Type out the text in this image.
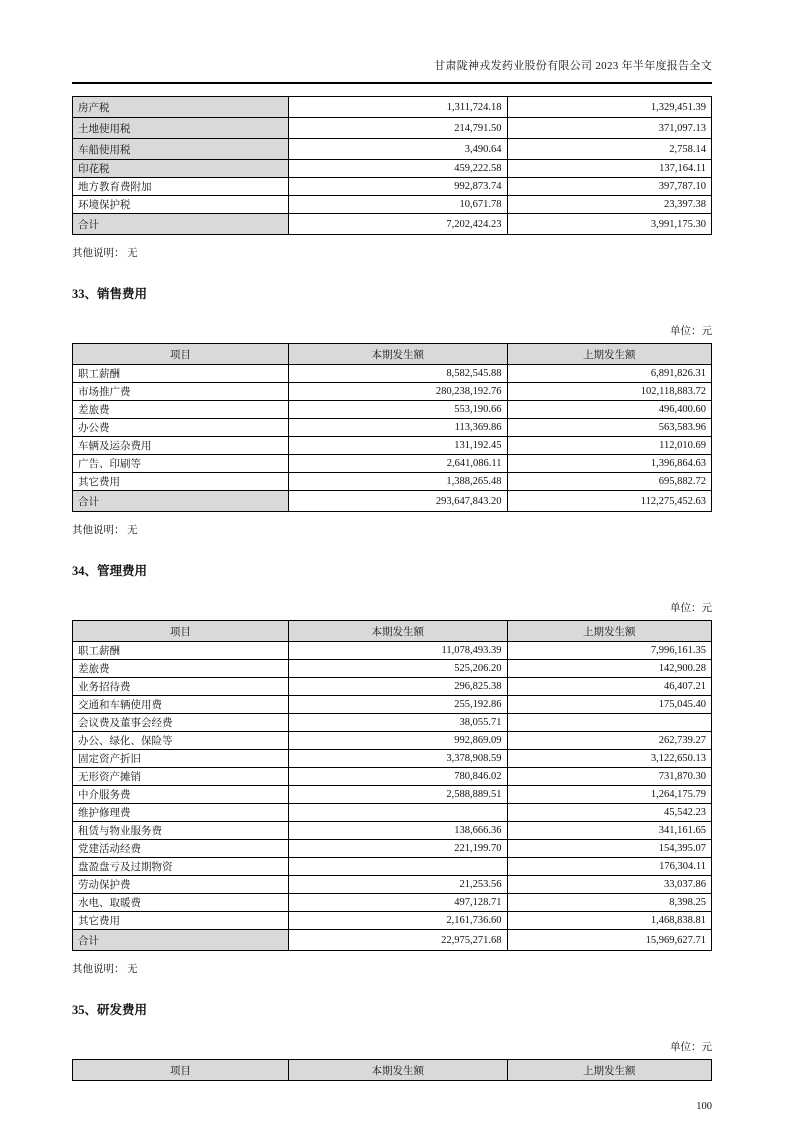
甘肃陇神戎发药业股份有限公司 2023 年半年度报告全文
房产税	1,311,724.18	1,329,451.39
土地使用税	214,791.50	371,097.13
车船使用税	3,490.64	2,758.14
印花税	459,222.58	137,164.11
地方教育费附加	992,873.74	397,787.10
环境保护税	10,671.78	23,397.38
合计	7,202,424.23	3,991,175.30
其他说明： 无
33、销售费用
单位：元
项目	本期发生额	上期发生额
职工薪酬	8,582,545.88	6,891,826.31
市场推广费	280,238,192.76	102,118,883.72
差旅费	553,190.66	496,400.60
办公费	113,369.86	563,583.96
车辆及运杂费用	131,192.45	112,010.69
广告、印刷等	2,641,086.11	1,396,864.63
其它费用	1,388,265.48	695,882.72
合计	293,647,843.20	112,275,452.63
其他说明： 无
34、管理费用
单位：元
项目	本期发生额	上期发生额
职工薪酬	11,078,493.39	7,996,161.35
差旅费	525,206.20	142,900.28
业务招待费	296,825.38	46,407.21
交通和车辆使用费	255,192.86	175,045.40
会议费及董事会经费	38,055.71	
办公、绿化、保险等	992,869.09	262,739.27
固定资产折旧	3,378,908.59	3,122,650.13
无形资产摊销	780,846.02	731,870.30
中介服务费	2,588,889.51	1,264,175.79
维护修理费		45,542.23
租赁与物业服务费	138,666.36	341,161.65
党建活动经费	221,199.70	154,395.07
盘盈盘亏及过期物资		176,304.11
劳动保护费	21,253.56	33,037.86
水电、取暖费	497,128.71	8,398.25
其它费用	2,161,736.60	1,468,838.81
合计	22,975,271.68	15,969,627.71
其他说明： 无
35、研发费用
单位：元
项目	本期发生额	上期发生额
100
